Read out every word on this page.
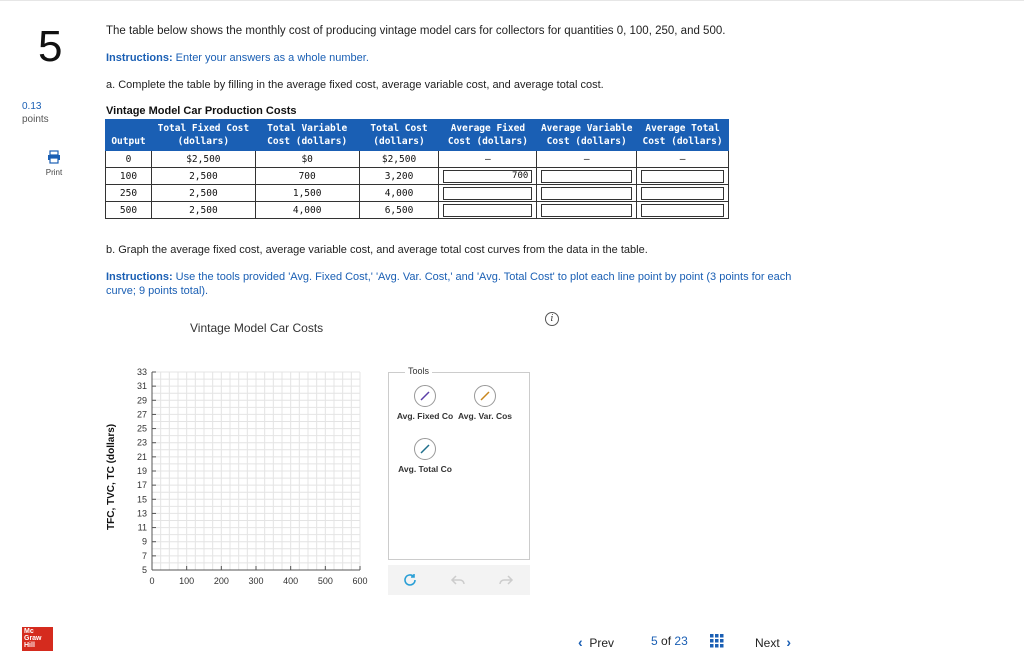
5
0.13
points
Print
The table below shows the monthly cost of producing vintage model cars for collectors for quantities 0, 100, 250, and 500.
Instructions: Enter your answers as a whole number.
a. Complete the table by filling in the average fixed cost, average variable cost, and average total cost.
Vintage Model Car Production Costs
Output	Total Fixed Cost (dollars)	Total Variable Cost (dollars)	Total Cost (dollars)	Average Fixed Cost (dollars)	Average Variable Cost (dollars)	Average Total Cost (dollars)
0	$2,500	$0	$2,500	–	–	–
100	2,500	700	3,200	700		

250	2,500	1,500	4,000	

500	2,500	4,000	6,500	

b. Graph the average fixed cost, average variable cost, and average total cost curves from the data in the table.
Instructions: Use the tools provided 'Avg. Fixed Cost,' 'Avg. Var. Cost,' and 'Avg. Total Cost' to plot each line point by point (3 points for each curve; 9 points total).
Vintage Model Car Costs
i
TFC, TVC, TC (dollars)
5
7
9
11
13
15
17
19
21
23
25
27
29
31
33
0	100 200 300 400 500 600
Tools
Avg. Fixed Co Avg. Var. Cos
Avg. Total Co
Mc
Graw
Hill	‹ Prev	5 of 23	Next ›
